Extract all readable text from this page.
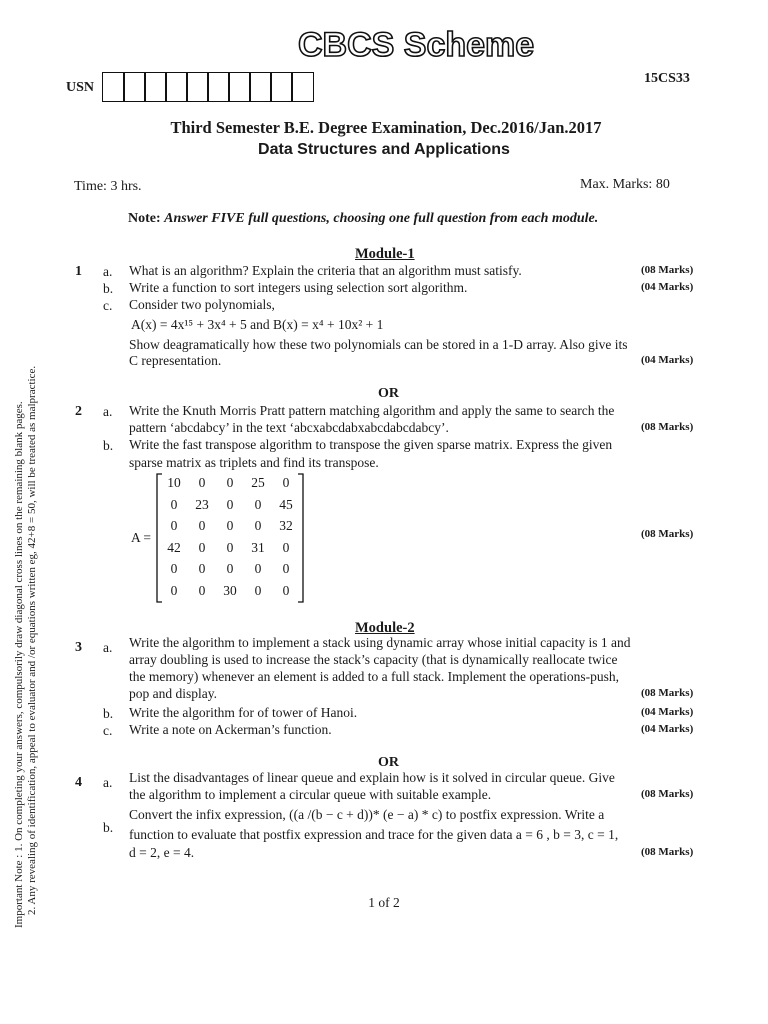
CBCS Scheme
USN
15CS33
Third Semester B.E. Degree Examination, Dec.2016/Jan.2017
Data Structures and Applications
Time: 3 hrs.	Max. Marks: 80
Note: Answer FIVE full questions, choosing one full question from each module.
Important Note : 1. On completing your answers, compulsorily draw diagonal cross lines on the remaining blank pages. 2. Any revealing of identification, appeal to evaluator and /or equations written eg, 42+8 = 50, will be treated as malpractice.
Module-1
1 a. What is an algorithm? Explain the criteria that an algorithm must satisfy.	(08 Marks)
b. Write a function to sort integers using selection sort algorithm.	(04 Marks)
c. Consider two polynomials,
A(x) = 4x¹⁵ + 3x⁴ + 5 and B(x) = x⁴ + 10x² + 1
Show deagramatically how these two polynomials can be stored in a 1-D array. Also give its
C representation.	(04 Marks)
OR
2 a. Write the Knuth Morris Pratt pattern matching algorithm and apply the same to search the
pattern ‘abcdabcy’ in the text ‘abcxabcdabxabcdabcdabcy’.	(08 Marks)
b. Write the fast transpose algorithm to transpose the given sparse matrix. Express the given
sparse matrix as triplets and find its transpose.
A =
10	0	0	25	0
0	23	0	0	45
0	0	0	0	32
42	0	0	31	0
0	0	0	0	0
0	0	30	0	0
(08 Marks)
Module-2
3 a. Write the algorithm to implement a stack using dynamic array whose initial capacity is 1 and
array doubling is used to increase the stack’s capacity (that is dynamically reallocate twice
the memory) whenever an element is added to a full stack. Implement the operations-push,
pop and display.	(08 Marks)
b. Write the algorithm for of tower of Hanoi.	(04 Marks)
c. Write a note on Ackerman’s function.	(04 Marks)
OR
4 a. List the disadvantages of linear queue and explain how is it solved in circular queue. Give
the algorithm to implement a circular queue with suitable example.	(08 Marks)
b.
Convert the infix expression, ((a /(b − c + d))* (e − a) * c) to postfix expression. Write a
function to evaluate that postfix expression and trace for the given data a = 6 , b = 3, c = 1,
d = 2, e = 4.	(08 Marks)
1 of 2
